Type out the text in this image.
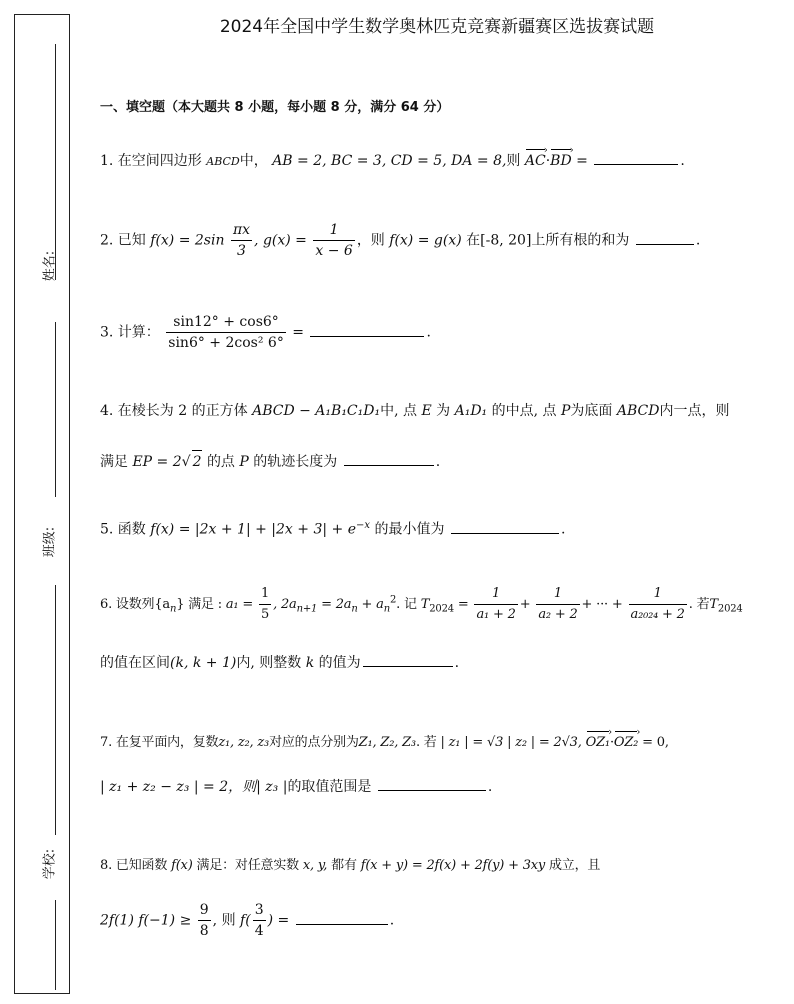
姓名:
班级:
学校:
2024年全国中学生数学奥林匹克竞赛新疆赛区选拔赛试题
一、填空题（本大题共 8 小题，每小题 8 分，满分 64 分）
1. 在空间四边形 ABCD中， AB = 2, BC = 3, CD = 5, DA = 8,则 AC ›·BD › =	.
2. 已知 $f(x) = 2\sin \frac{\pi x}{3}$ , $g(x) = \frac{1}{x - 6}$ ，则 f(x) = g(x) 在[-8, 20]上所有根的和为	.
3. 计算： $\frac{\sin 12^\circ + \cos 6^\circ}{\text{sin6° + 2cos² 6°}}$ =	.
4. 在棱长为 2 的正方体 ABCD − A₁B₁C₁D₁中, 点 E 为 A₁D₁ 的中点, 点 P为底面 ABCD内一点，则
满足 EP = 2√ 2 的点 P 的轨迹长度为	.
5. 函数 $f(x) = |2x + 1| + |2x + 3| + e^{-x}$ 的最小值为	.
6. 设数列$\{a_n\}$ 满足 : $a_1 = \frac{1}{5}$ , $2a_{n+1} = 2a_n + a_n^2$. 记 $T_{2024} = \frac{1}{\text{a₁ + 2}} + \frac{1}{\text{a₂ + 2}}$ + ··· + $\frac{1}{\text{a₂₀₂₄ + 2}}$ . 若$T_{2024}$
的值在区间(k, k + 1)内, 则整数 k 的值为	.
7. 在复平面内，复数z₁, z₂, z₃对应的点分别为Z₁, Z₂, Z₃. 若 | z₁ | = √3 | z₂ | = 2√3, OZ₁ ›·OZ₂ › = 0,
| z₁ + z₂ − z₃ | = 2，则| z₃ |的取值范围是	.
8. 已知函数 f(x) 满足：对任意实数 x, y, 都有 f(x + y) = 2f(x) + 2f(y) + 3xy 成立，且
2f(1) $f(-1) \ge \frac{9}{8}$ , 则 $f( \frac{3}{4}$ ) =	.
